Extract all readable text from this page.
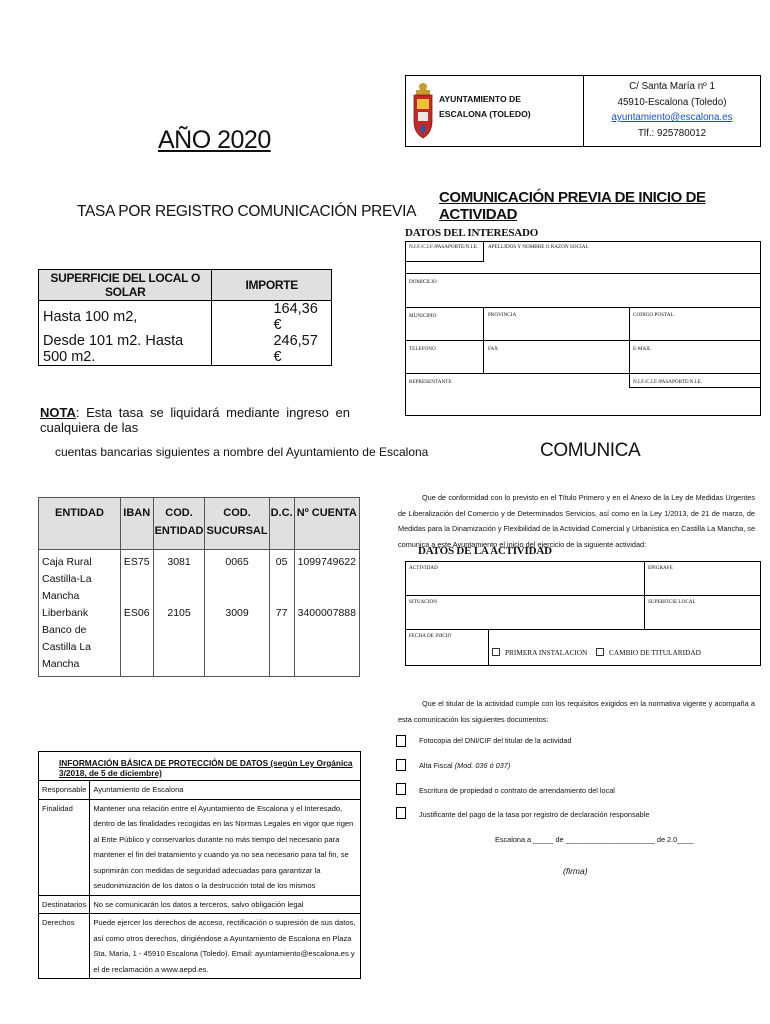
AÑO 2020
TASA POR REGISTRO COMUNICACIÓN PREVIA
SUPERFICIE DEL LOCAL O SOLAR	IMPORTE
Hasta 100 m2,	164,36 €
Desde 101 m2. Hasta 500 m2.	246,57 €
NOTA: Esta tasa se liquidará mediante ingreso en cualquiera de las
cuentas bancarias siguientes a nombre del Ayuntamiento de Escalona
ENTIDAD	IBAN	COD. ENTIDAD	COD. SUCURSAL	D.C.	Nº CUENTA

Caja Rural
Castilla-La Mancha	ES75	3081	0065	05	1099749622

Liberbank
Banco de Castilla La Mancha	ES06	2105	3009	77	3400007888
INFORMACIÓN BÁSICA DE PROTECCIÓN DE DATOS (según Ley Orgánica 3/2018, de 5 de diciembre)	
Responsable	Ayuntamiento de Escalona
Finalidad	Mantener una relación entre el Ayuntamiento de Escalona y el Interesado, dentro de las finalidades recogidas en las Normas Legales en vigor que rigen al Ente Público y conservarlos durante no más tiempo del necesario para mantener el fin del tratamiento y cuando ya no sea necesario para tal fin, se suprimirán con medidas de seguridad adecuadas para garantizar la seudonimización de los datos o la destrucción total de los mismos
Destinatarios	No se comunicarán los datos a terceros, salvo obligación legal
Derechos	Puede ejercer los derechos de acceso, rectificación o supresión de sus datos, así como otros derechos, dirigiéndose a Ayuntamiento de Escalona en Plaza Sta. María, 1 - 45910 Escalona (Toledo). Email: ayuntamiento@escalona.es y el de reclamación a www.aepd.es.
AYUNTAMIENTO DE
ESCALONA (TOLEDO)
C/ Santa María nº 1
45910-Escalona (Toledo)
ayuntamiento@escalona.es
Tlf.: 925780012
COMUNICACIÓN PREVIA DE INICIO DE ACTIVIDAD
DATOS DEL INTERESADO
N.I.F./C.I.F./PASAPORTE/N.I.E. APELLIDOS Y NOMBRE O RAZON SOCIAL
DOMICILIO
MUNICIPIO	PROVINCIA	CODIGO POSTAL
TELEFONO	FAX	E-MAIL
REPRESENTANTE	N.I.F./C.I.F./PASAPORTE/N.I.E.
COMUNICA
Que de conformidad con lo previsto en el Título Primero y en el Anexo de la Ley de Medidas Urgentes de Liberalización del Comercio y de Determinados Servicios, así como en la Ley 1/2013, de 21 de marzo, de Medidas para la Dinamización y Flexibilidad de la Actividad Comercial y Urbanística en Castilla La Mancha, se comunica a este Ayuntamiento el inicio del ejercicio de la siguiente actividad:
DATOS DE LA ACTIVIDAD
ACTIVIDAD	EPIGRAFE
SITUACION	SUPERFICIE LOCAL
FECHA DE INICIO
PRIMERA INSTALACION	CAMBIO DE TITULARIDAD
Que el titular de la actividad cumple con los requisitos exigidos en la normativa vigente y acompaña a esta comunicación los siguientes documentos:
Fotocopia del DNI/CIF del titular de la actividad
Alta Fiscal (Mod. 036 ó 037)
Escritura de propiedad o contrato de arrendamiento del local
Justificante del pago de la tasa por registro de declaración responsable
Escalona a _____ de ______________________ de 2.0____
(firma)
